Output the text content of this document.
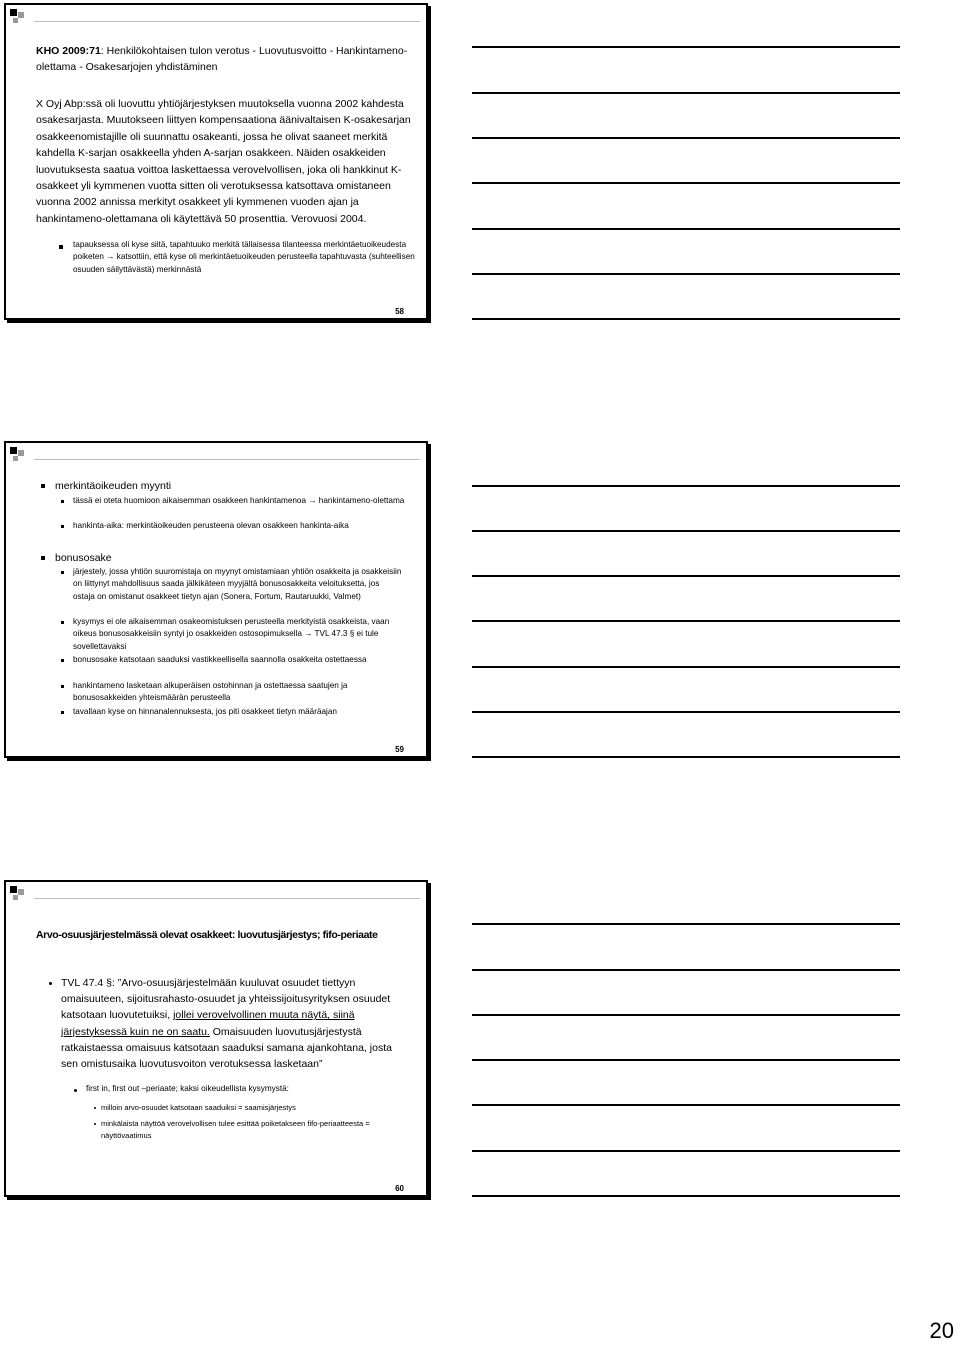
KHO 2009:71: Henkilökohtaisen tulon verotus - Luovutusvoitto - Hankintameno-olettama - Osakesarjojen yhdistäminen
X Oyj Abp:ssä oli luovuttu yhtiöjärjestyksen muutoksella vuonna 2002 kahdesta osakesarjasta. Muutokseen liittyen kompensaationa äänivaltaisen K-osakesarjan osakkeenomistajille oli suunnattu osakeanti, jossa he olivat saaneet merkitä kahdella K-sarjan osakkeella yhden A-sarjan osakkeen. Näiden osakkeiden luovutuksesta saatua voittoa laskettaessa verovelvollisen, joka oli hankkinut K-osakkeet yli kymmenen vuotta sitten oli verotuksessa katsottava omistaneen vuonna 2002 annissa merkityt osakkeet yli kymmenen vuoden ajan ja hankintameno-olettamana oli käytettävä 50 prosenttia. Verovuosi 2004.
tapauksessa oli kyse siitä, tapahtuuko merkitä tällaisessa tilanteessa merkintäetuoikeudesta poiketen → katsottiin, että kyse oli merkintäetuoikeuden perusteella tapahtuvasta (suhteellisen osuuden säilyttävästä) merkinnästä
58
merkintäoikeuden myynti
tässä ei oteta huomioon aikaisemman osakkeen hankintamenoa → hankintameno-olettama
hankinta-aika: merkintäoikeuden perusteena olevan osakkeen hankinta-aika
bonusosake
järjestely, jossa yhtiön suuromistaja on myynyt omistamiaan yhtiön osakkeita ja osakkeisiin on liittynyt mahdollisuus saada jälkikäteen myyjältä bonusosakkeita veloituksetta, jos ostaja on omistanut osakkeet tietyn ajan (Sonera, Fortum, Rautaruukki, Valmet)
kysymys ei ole aikaisemman osakeomistuksen perusteella merkityistä osakkeista, vaan oikeus bonusosakkeisiin syntyi jo osakkeiden ostosopimuksella → TVL 47.3 § ei tule sovellettavaksi
bonusosake katsotaan saaduksi vastikkeellisella saannolla osakkeita ostettaessa
hankintameno lasketaan alkuperäisen ostohinnan ja ostettaessa saatujen ja bonusosakkeiden yhteismäärän perusteella
tavallaan kyse on hinnanalennuksesta, jos piti osakkeet tietyn määräajan
59
Arvo-osuusjärjestelmässä olevat osakkeet: luovutusjärjestys; fifo-periaate
TVL 47.4 §: ”Arvo-osuusjärjestelmään kuuluvat osuudet tiettyyn omaisuuteen, sijoitusrahasto-osuudet ja yhteissijoitusyrityksen osuudet katsotaan luovutetuiksi, jollei verovelvollinen muuta näytä, siinä järjestyksessä kuin ne on saatu. Omaisuuden luovutusjärjestystä ratkaistaessa omaisuus katsotaan saaduksi samana ajankohtana, josta sen omistusaika luovutusvoiton verotuksessa lasketaan”
first in, first out –periaate; kaksi oikeudellista kysymystä:
milloin arvo-osuudet katsotaan saaduiksi = saamisjärjestys
minkälaista näyttöä verovelvollisen tulee esittää poiketakseen fifo-periaatteesta = näyttövaatimus
60
20
